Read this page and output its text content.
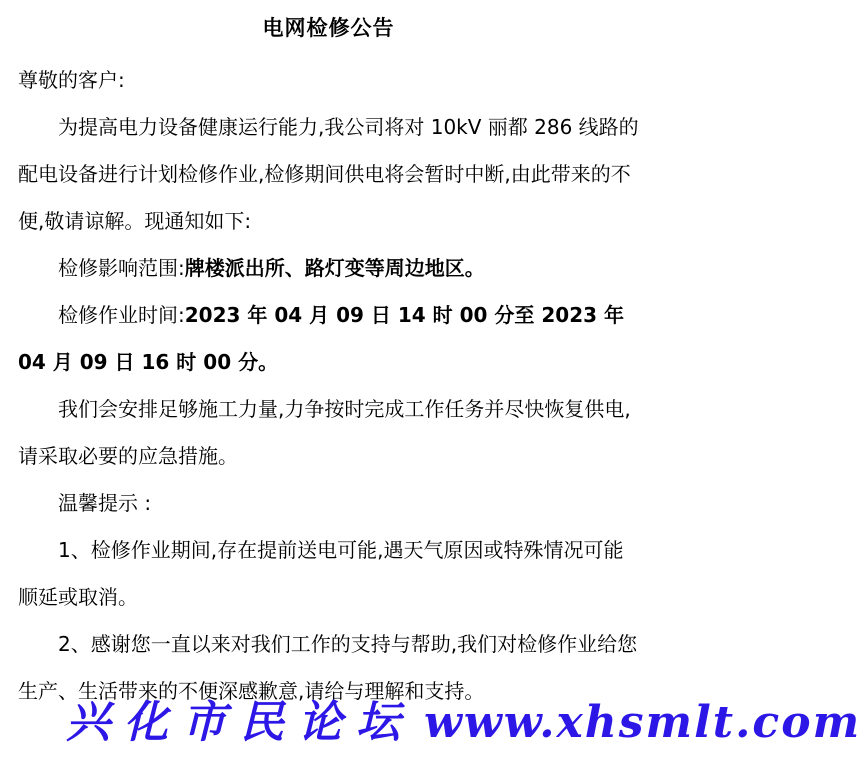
电网检修公告

尊敬的客户:

为提高电力设备健康运行能力,我公司将对 10kV 丽都 286 线路的配电设备进行计划检修作业,检修期间供电将会暂时中断,由此带来的不便,敬请谅解。现通知如下:

检修影响范围:牌楼派出所、路灯变等周边地区。

检修作业时间:2023 年 04 月 09 日 14 时 00 分至 2023 年 04 月 09 日 16 时 00 分。

我们会安排足够施工力量,力争按时完成工作任务并尽快恢复供电,请采取必要的应急措施。

温馨提示 :

1、检修作业期间,存在提前送电可能,遇天气原因或特殊情况可能顺延或取消。

2、感谢您一直以来对我们工作的支持与帮助,我们对检修作业给您生产、生活带来的不便深感歉意,请给与理解和支持。

兴化市民论坛 www.xhsmlt.com
